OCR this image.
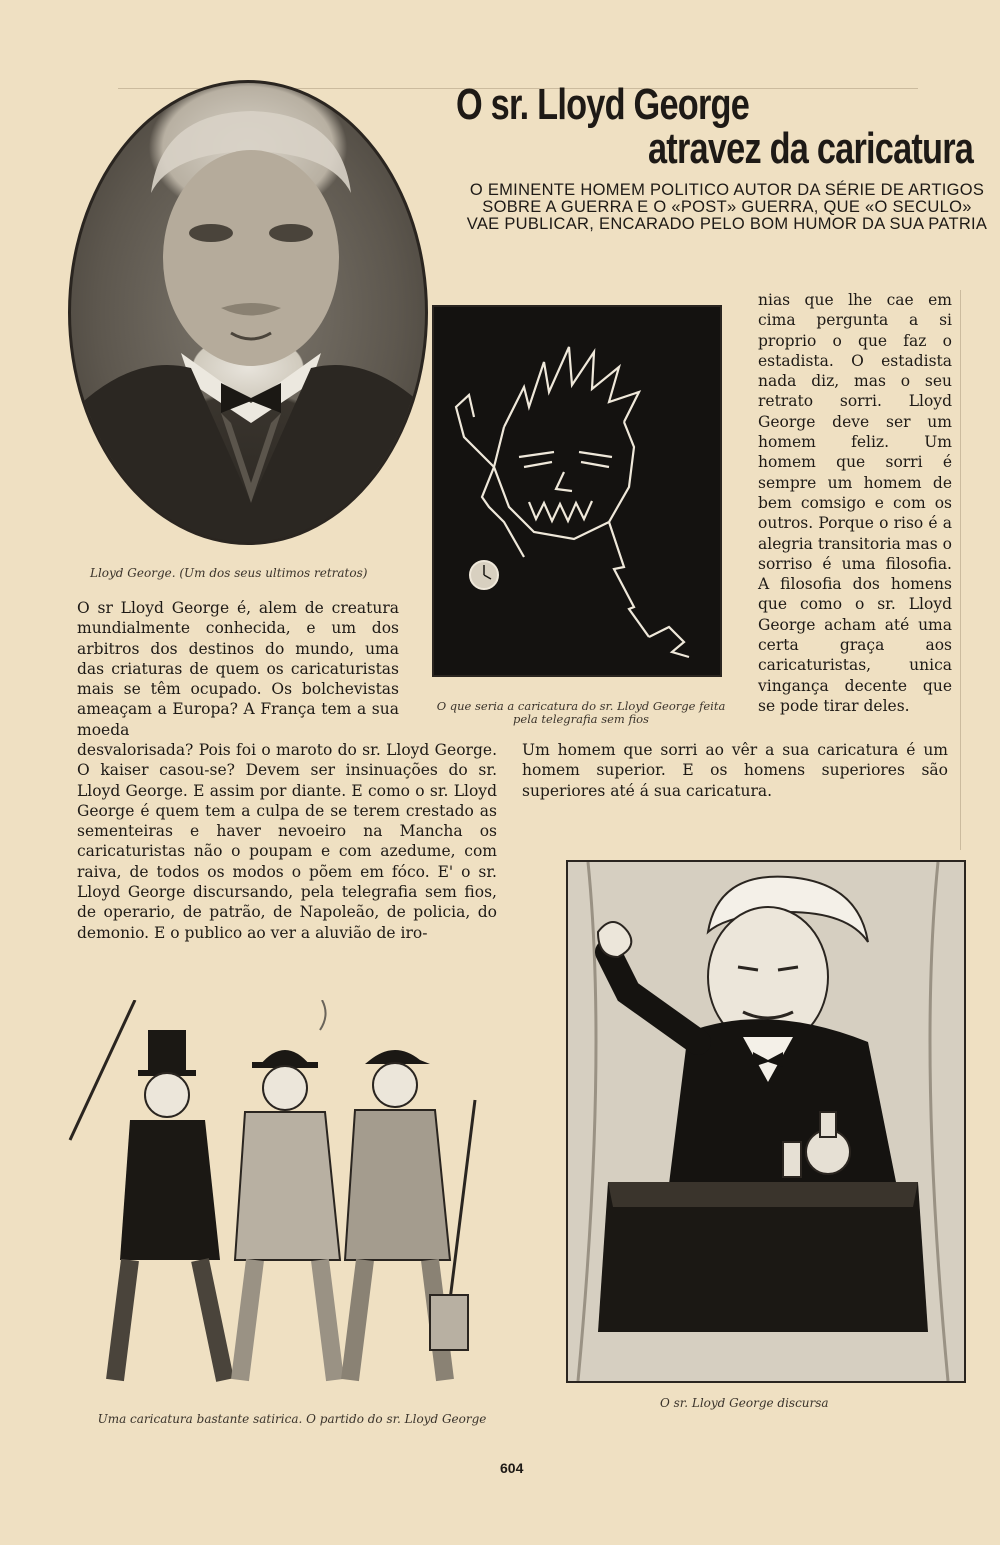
O sr. Lloyd George
atravez da caricatura
O EMINENTE HOMEM POLITICO AUTOR DA SÉRIE DE ARTIGOS SOBRE A GUERRA E O «POST» GUERRA, QUE «O SECULO» VAE PUBLICAR, ENCARADO PELO BOM HUMOR DA SUA PATRIA
Lloyd George. (Um dos seus ultimos retratos)
O que seria a caricatura do sr. Lloyd George feita pela telegrafia sem fios
nias que lhe cae em cima pergunta a si proprio o que faz o estadista. O estadista nada diz, mas o seu retrato sorri. Lloyd George deve ser um homem feliz. Um homem que sorri é sempre um homem de bem comsigo e com os outros. Porque o riso é a alegria transitoria mas o sorriso é uma filosofia. A filosofia dos homens que como o sr. Lloyd George acham até uma certa graça aos caricaturistas, unica vingança decente que se pode tirar deles.
O sr Lloyd George é, alem de creatura mundialmente conhecida, e um dos arbitros dos destinos do mundo, uma das criaturas de quem os caricaturistas mais se têm ocupado. Os bolchevistas ameaçam a Europa? A França tem a sua moeda
desvalorisada? Pois foi o maroto do sr. Lloyd George. O kaiser casou-se? Devem ser insinuações do sr. Lloyd George. E assim por diante. E como o sr. Lloyd George é quem tem a culpa de se terem crestado as sementeiras e haver nevoeiro na Mancha os caricaturistas não o poupam e com azedume, com raiva, de todos os modos o põem em fóco. E' o sr. Lloyd George discursando, pela telegrafia sem fios, de operario, de patrão, de Napoleão, de policia, do demonio. E o publico ao ver a aluvião de iro-
Um homem que sorri ao vêr a sua caricatura é um homem superior. E os homens superiores são superiores até á sua caricatura.
O sr. Lloyd George discursa
Uma caricatura bastante satirica. O partido do sr. Lloyd George
604
